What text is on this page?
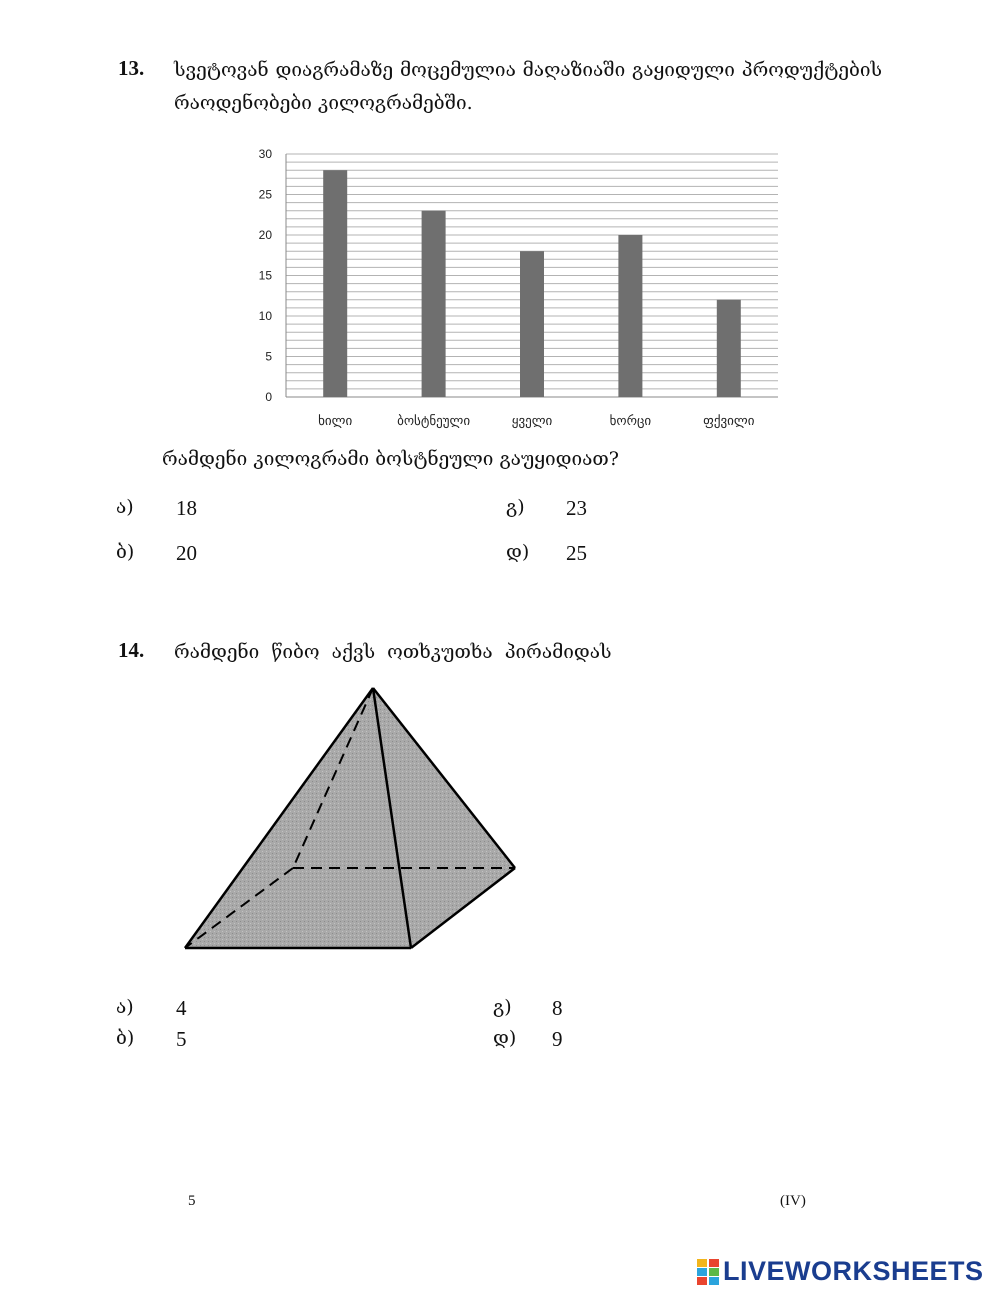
13. სვეტოვან დიაგრამაზე მოცემულია მაღაზიაში გაყიდული პროდუქტების რაოდენობები კილოგრამებში.
0
5
10
15
20
25
30
ხილი	ბოსტნეული	ყველი	ხორცი	ფქვილი
რამდენი კილოგრამი ბოსტნეული გაუყიდიათ?
ა) 18	გ) 23
ბ) 20	დ) 25
14. რამდენი წიბო აქვს ოთხკუთხა პირამიდას
ა) 4	გ) 8
ბ) 5	დ) 9
5	(IV)
LIVEWORKSHEETS
